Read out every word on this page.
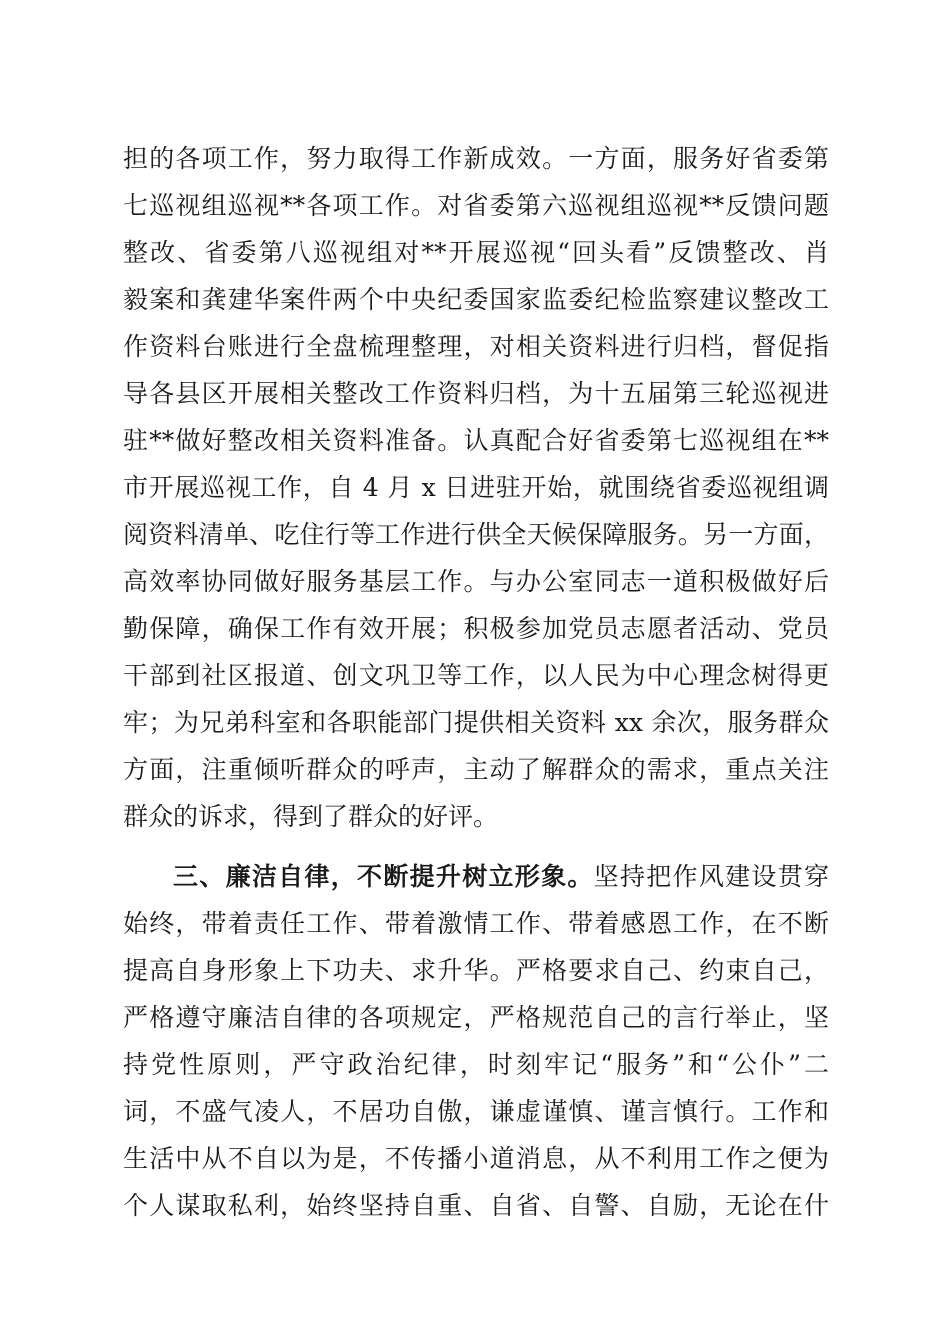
担的各项工作，努力取得工作新成效。一方面，服务好省委第
七巡视组巡视**各项工作。对省委第六巡视组巡视**反馈问题
整改、省委第八巡视组对**开展巡视“回头看”反馈整改、肖
毅案和龚建华案件两个中央纪委国家监委纪检监察建议整改工
作资料台账进行全盘梳理整理，对相关资料进行归档，督促指
导各县区开展相关整改工作资料归档，为十五届第三轮巡视进
驻**做好整改相关资料准备。认真配合好省委第七巡视组在**
市开展巡视工作，自 4 月 x 日进驻开始，就围绕省委巡视组调
阅资料清单、吃住行等工作进行供全天候保障服务。另一方面，
高效率协同做好服务基层工作。与办公室同志一道积极做好后
勤保障，确保工作有效开展；积极参加党员志愿者活动、党员
干部到社区报道、创文巩卫等工作，以人民为中心理念树得更
牢；为兄弟科室和各职能部门提供相关资料 xx 余次，服务群众
方面，注重倾听群众的呼声，主动了解群众的需求，重点关注
群众的诉求，得到了群众的好评。
三、廉洁自律，不断提升树立形象。坚持把作风建设贯穿
始终，带着责任工作、带着激情工作、带着感恩工作，在不断
提高自身形象上下功夫、求升华。严格要求自己、约束自己，
严格遵守廉洁自律的各项规定，严格规范自己的言行举止，坚
持党性原则，严守政治纪律，时刻牢记“服务”和“公仆”二
词，不盛气凌人，不居功自傲，谦虚谨慎、谨言慎行。工作和
生活中从不自以为是，不传播小道消息，从不利用工作之便为
个人谋取私利，始终坚持自重、自省、自警、自励，无论在什
